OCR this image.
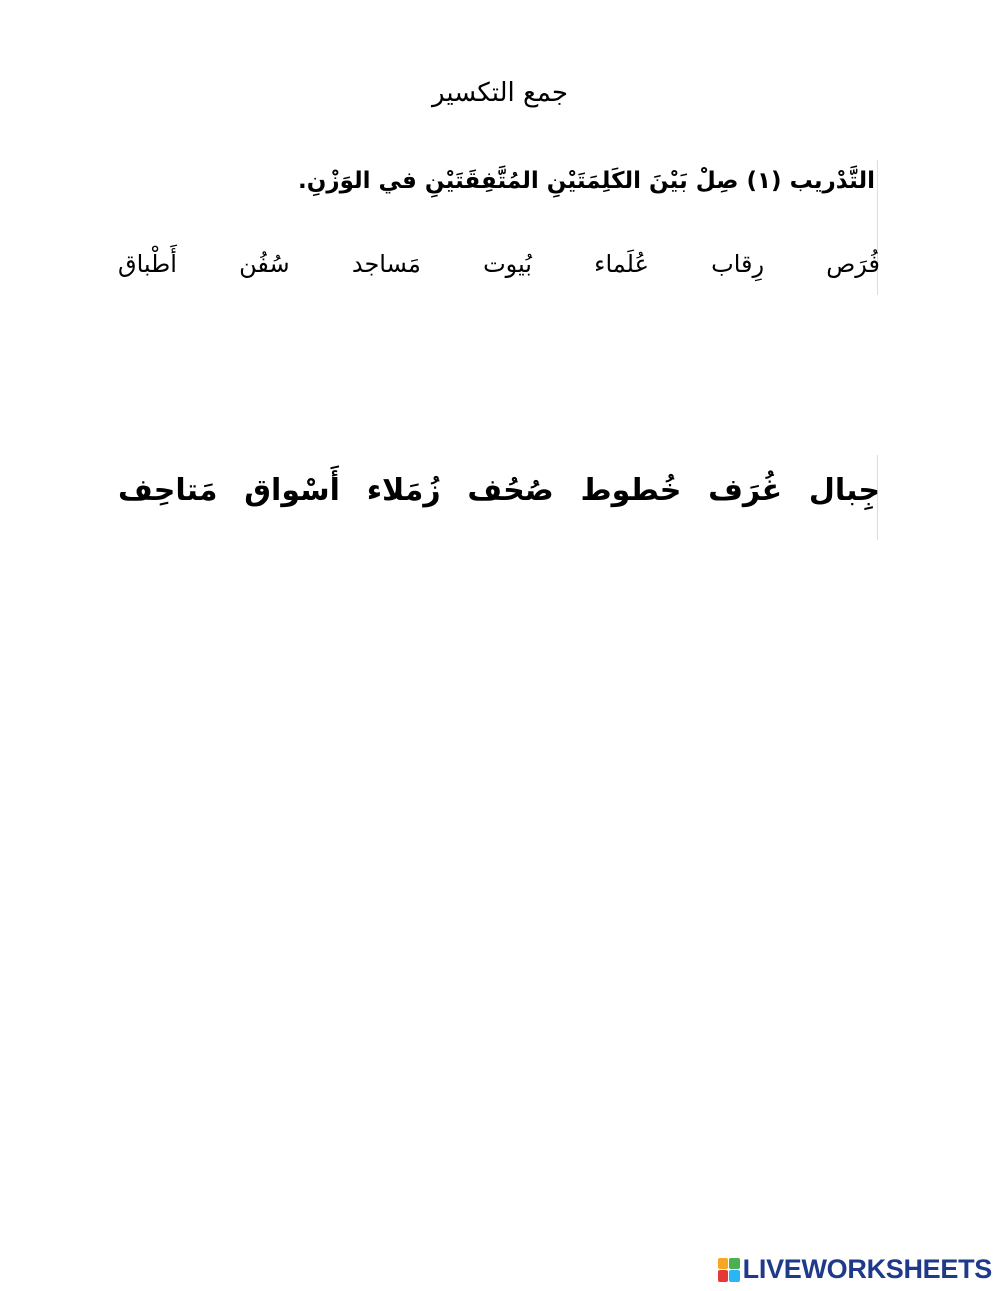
جمع التكسير
التَّدْريب (١) صِلْ بَيْنَ الكَلِمَتَيْنِ المُتَّفِقَتَيْنِ في الوَزْنِ.
أَطْباق	سُفُن	مَساجد	بُيوت	عُلَماء	رِقاب	فُرَص
مَتاحِف أَسْواق زُمَلاء صُحُف خُطوط غُرَف جِبال
LIVEWORKSHEETS
